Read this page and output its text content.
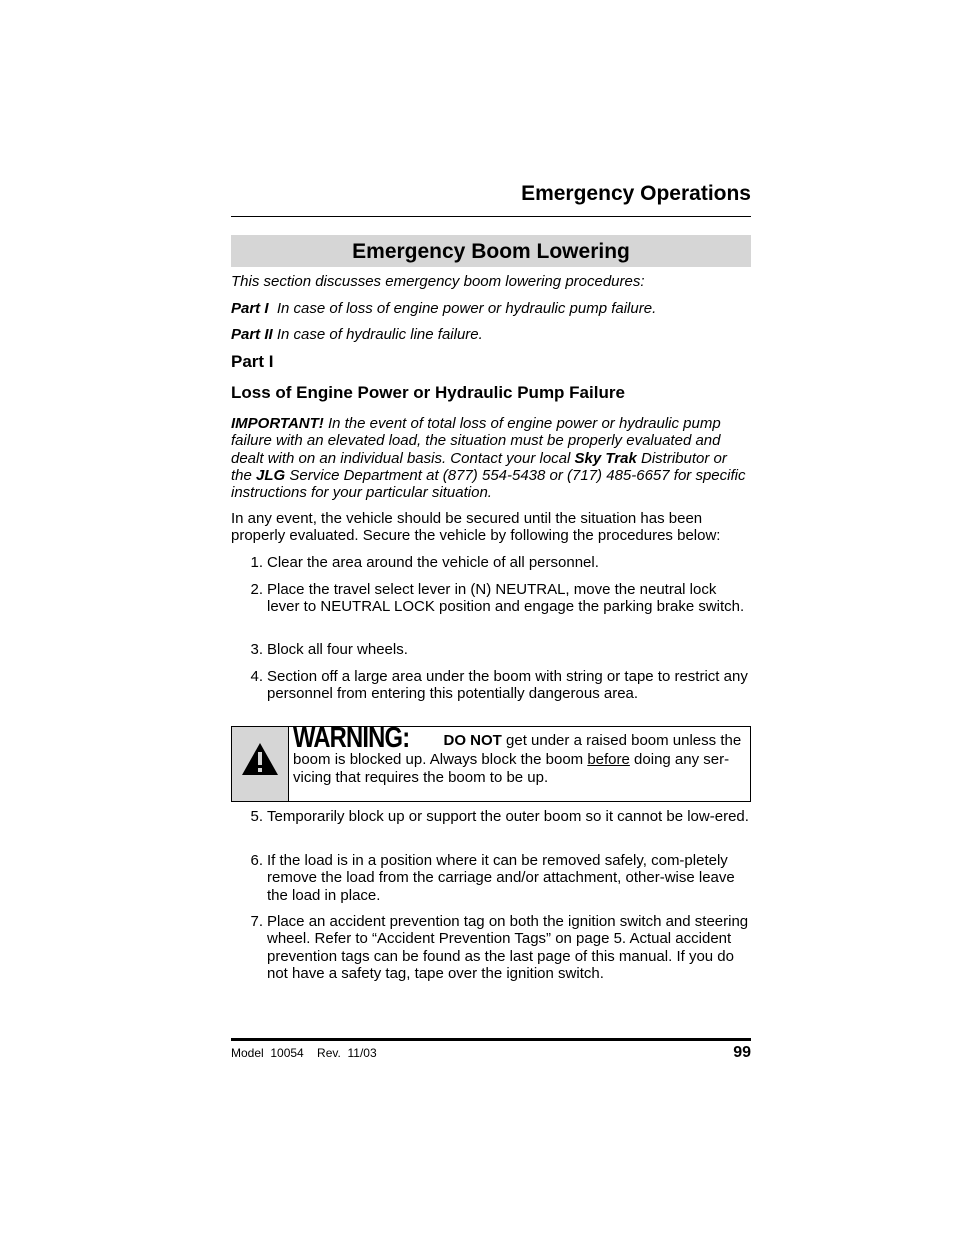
Emergency Operations
Emergency Boom Lowering
This section discusses emergency boom lowering procedures:
Part I In case of loss of engine power or hydraulic pump failure.
Part II In case of hydraulic line failure.
Part I
Loss of Engine Power or Hydraulic Pump Failure
IMPORTANT! In the event of total loss of engine power or hydraulic pump failure with an elevated load, the situation must be properly evaluated and dealt with on an individual basis. Contact your local Sky Trak Distributor or the JLG Service Department at (877) 554-5438 or (717) 485-6657 for specific instructions for your particular situation.
In any event, the vehicle should be secured until the situation has been properly evaluated. Secure the vehicle by following the procedures below:
1. Clear the area around the vehicle of all personnel.
2. Place the travel select lever in (N) NEUTRAL, move the neutral lock lever to NEUTRAL LOCK position and engage the parking brake switch.
3. Block all four wheels.
4. Section off a large area under the boom with string or tape to restrict any personnel from entering this potentially dangerous area.
WARNING: DO NOT get under a raised boom unless the boom is blocked up. Always block the boom before doing any ser-vicing that requires the boom to be up.
5. Temporarily block up or support the outer boom so it cannot be low-ered.
6. If the load is in a position where it can be removed safely, com-pletely remove the load from the carriage and/or attachment, other-wise leave the load in place.
7. Place an accident prevention tag on both the ignition switch and steering wheel. Refer to “Accident Prevention Tags” on page 5. Actual accident prevention tags can be found as the last page of this manual. If you do not have a safety tag, tape over the ignition switch.
Model  10054    Rev.  11/03	99
